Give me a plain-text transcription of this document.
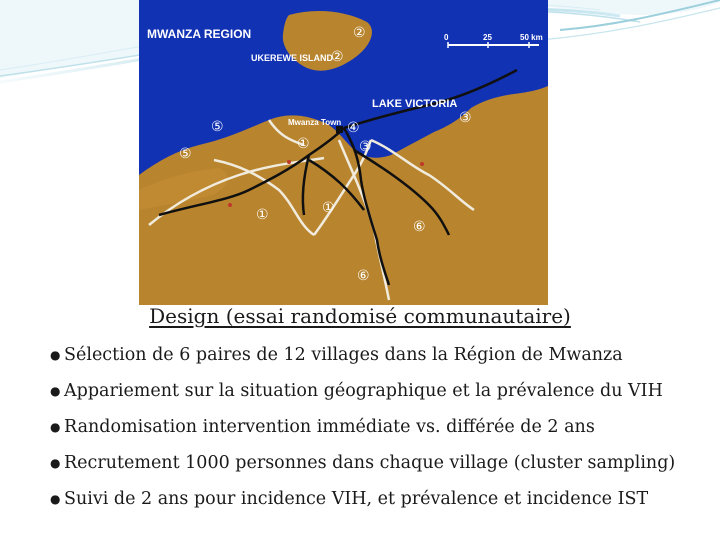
MWANZA REGION
UKEREWE ISLAND
LAKE VICTORIA
Mwanza Town
0	25	50 km
②
②
⑤
⑤
④
①
③
③
①	①
⑥
⑥
Design (essai randomisé communautaire)
● Sélection de 6 paires de 12 villages dans la Région de Mwanza
● Appariement sur la situation géographique et la prévalence du VIH
● Randomisation intervention immédiate vs. différée de 2 ans
● Recrutement 1000 personnes dans chaque village (cluster sampling)
● Suivi de 2 ans pour incidence VIH, et prévalence et incidence IST
